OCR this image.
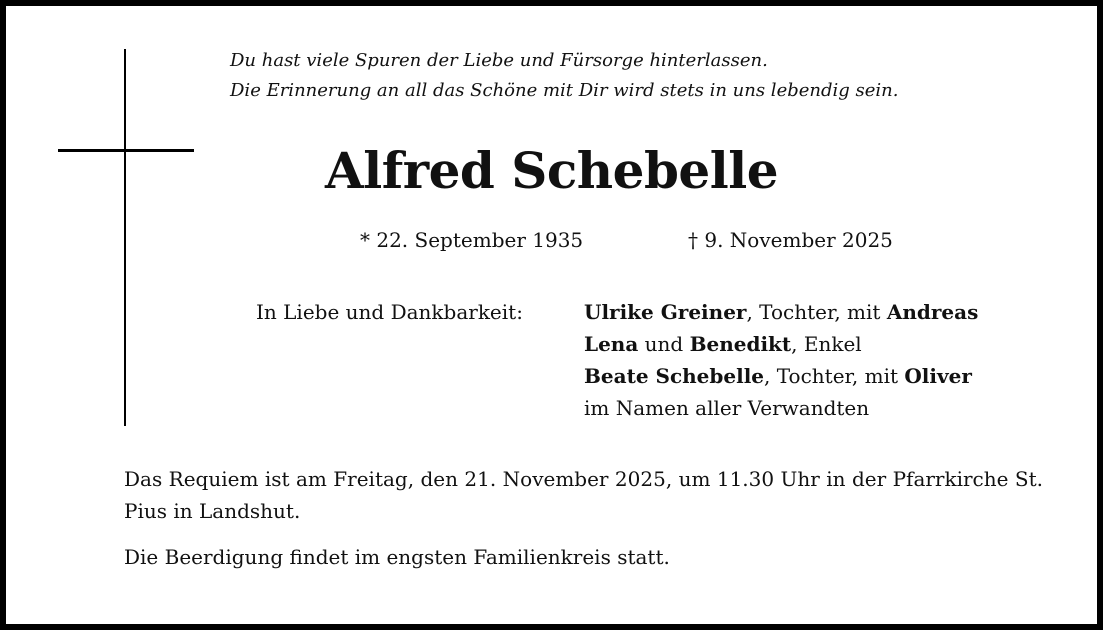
Du hast viele Spuren der Liebe und Fürsorge hinterlassen.
Die Erinnerung an all das Schöne mit Dir wird stets in uns lebendig sein.
Alfred Schebelle
* 22. September 1935	† 9. November 2025
In Liebe und Dankbarkeit:	Ulrike Greiner, Tochter, mit Andreas
Lena und Benedikt, Enkel
Beate Schebelle, Tochter, mit Oliver
im Namen aller Verwandten
Das Requiem ist am Freitag, den 21. November 2025, um 11.30 Uhr in der Pfarrkirche St. Pius in Landshut.
Die Beerdigung findet im engsten Familienkreis statt.
